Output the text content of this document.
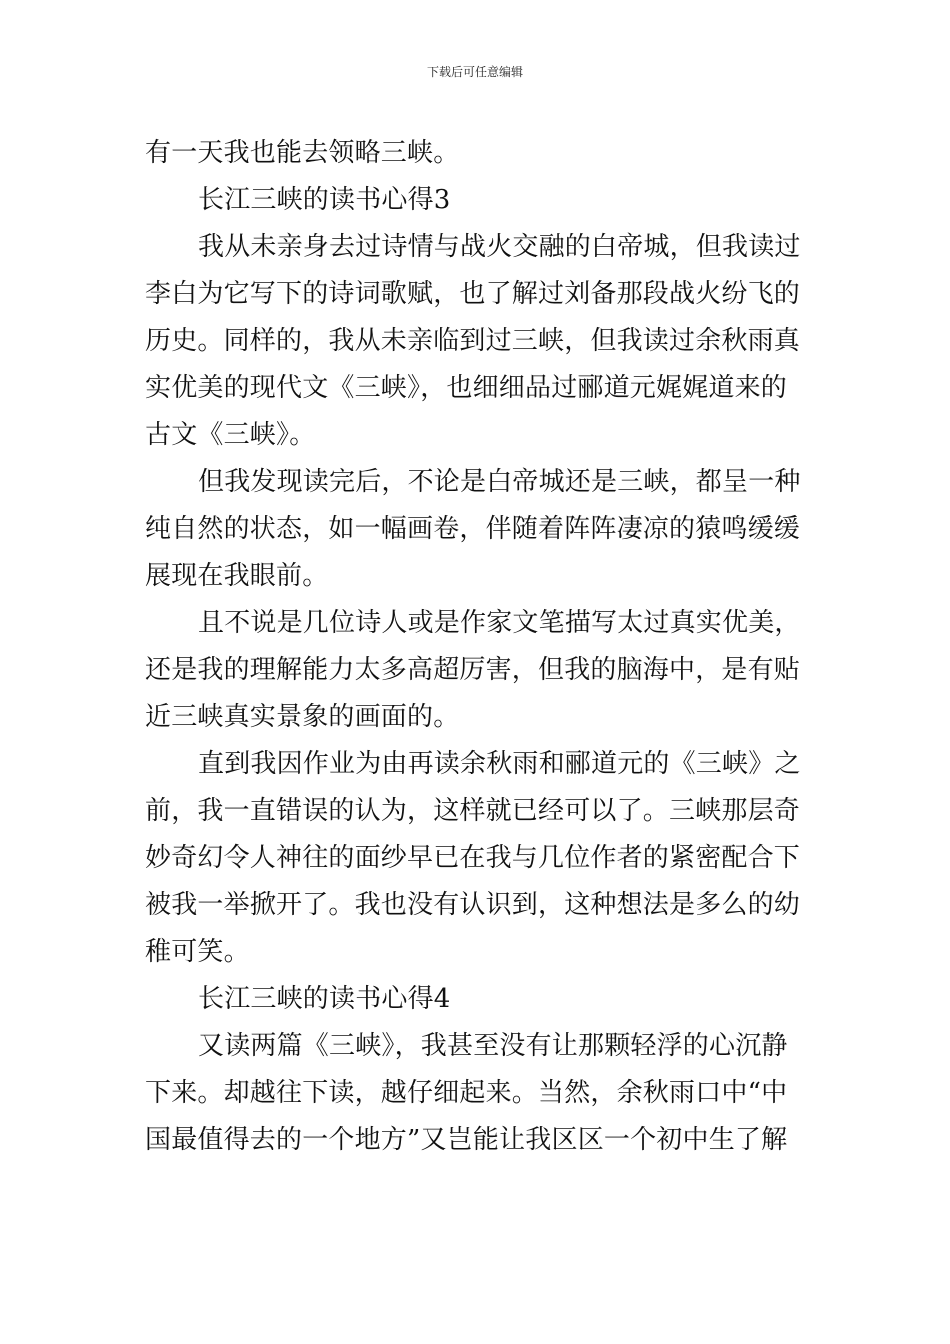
下载后可任意编辑
有一天我也能去领略三峡。
长江三峡的读书心得3
我从未亲身去过诗情与战火交融的白帝城，但我读过
李白为它写下的诗词歌赋，也了解过刘备那段战火纷飞的
历史。同样的，我从未亲临到过三峡，但我读过余秋雨真
实优美的现代文《三峡》，也细细品过郦道元娓娓道来的
古文《三峡》。
但我发现读完后，不论是白帝城还是三峡，都呈一种
纯自然的状态，如一幅画卷，伴随着阵阵凄凉的猿鸣缓缓
展现在我眼前。
且不说是几位诗人或是作家文笔描写太过真实优美，
还是我的理解能力太多高超厉害，但我的脑海中，是有贴
近三峡真实景象的画面的。
直到我因作业为由再读余秋雨和郦道元的《三峡》之
前，我一直错误的认为，这样就已经可以了。三峡那层奇
妙奇幻令人神往的面纱早已在我与几位作者的紧密配合下
被我一举掀开了。我也没有认识到，这种想法是多么的幼
稚可笑。
长江三峡的读书心得4
又读两篇《三峡》，我甚至没有让那颗轻浮的心沉静
下来。却越往下读，越仔细起来。当然，余秋雨口中“中
国最值得去的一个地方”又岂能让我区区一个初中生了解
